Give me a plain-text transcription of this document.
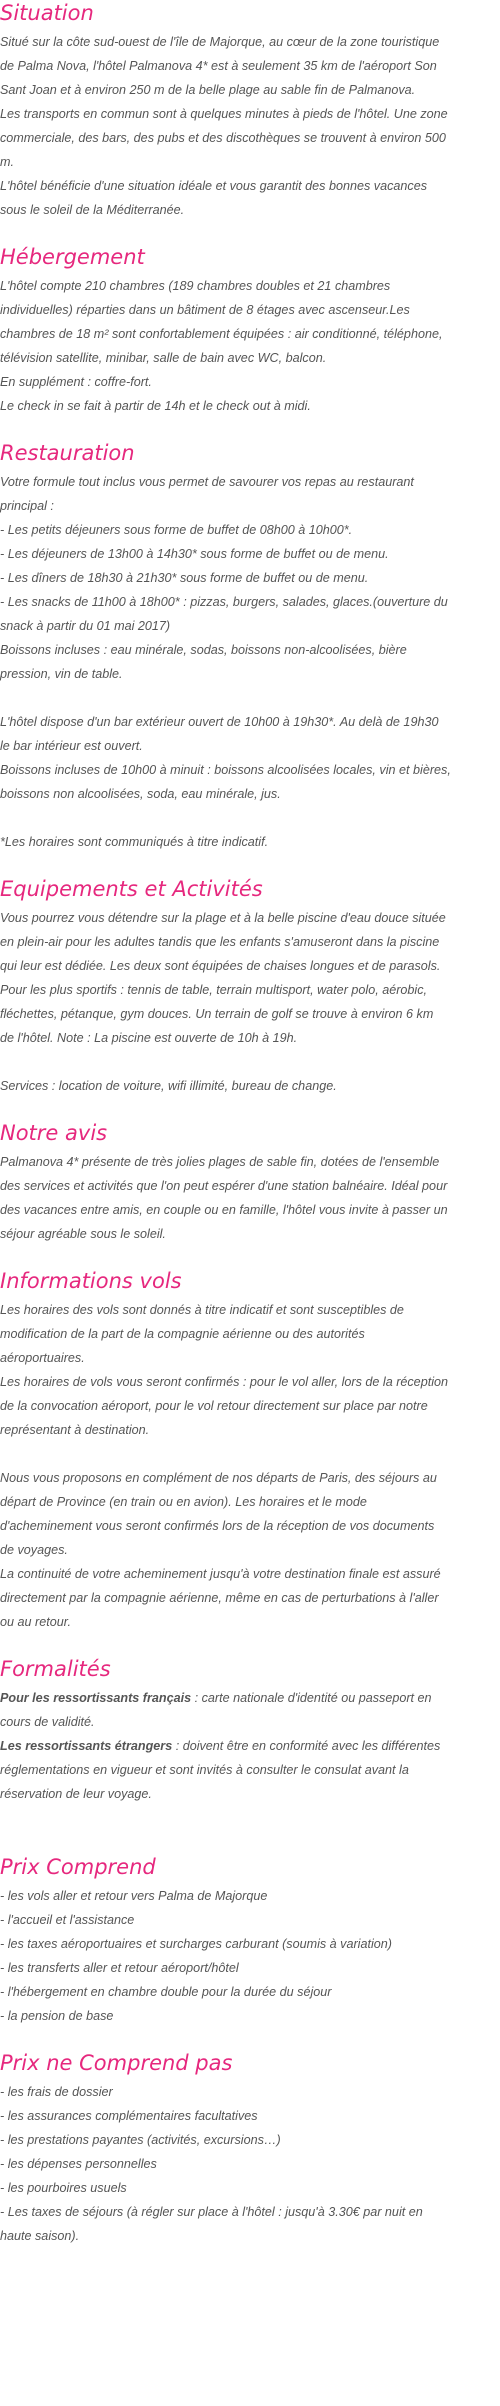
Situation

Situé sur la côte sud-ouest de l'île de Majorque, au cœur de la zone touristique

de Palma Nova, l'hôtel Palmanova 4* est à seulement 35 km de l'aéroport Son

Sant Joan et à environ 250 m de la belle plage au sable fin de Palmanova.

Les transports en commun sont à quelques minutes à pieds de l'hôtel. Une zone

commerciale, des bars, des pubs et des discothèques se trouvent à environ 500

m.

L'hôtel bénéficie d'une situation idéale et vous garantit des bonnes vacances

sous le soleil de la Méditerranée.

Hébergement

L'hôtel compte 210 chambres (189 chambres doubles et 21 chambres

individuelles) réparties dans un bâtiment de 8 étages avec ascenseur.Les

chambres de 18 m² sont confortablement équipées : air conditionné, téléphone,

télévision satellite, minibar, salle de bain avec WC, balcon.

En supplément : coffre-fort.

Le check in se fait à partir de 14h et le check out à midi.

Restauration

Votre formule tout inclus vous permet de savourer vos repas au restaurant

principal :

- Les petits déjeuners sous forme de buffet de 08h00 à 10h00*.

- Les déjeuners de 13h00 à 14h30* sous forme de buffet ou de menu.

- Les dîners de 18h30 à 21h30* sous forme de buffet ou de menu.

- Les snacks de 11h00 à 18h00* : pizzas, burgers, salades, glaces.(ouverture du

snack à partir du 01 mai 2017)

Boissons incluses : eau minérale, sodas, boissons non-alcoolisées, bière

pression, vin de table.

L'hôtel dispose d'un bar extérieur ouvert de 10h00 à 19h30*. Au delà de 19h30

le bar intérieur est ouvert.

Boissons incluses de 10h00 à minuit : boissons alcoolisées locales, vin et bières,

boissons non alcoolisées, soda, eau minérale, jus.

*Les horaires sont communiqués à titre indicatif.

Equipements et Activités

Vous pourrez vous détendre sur la plage et à la belle piscine d'eau douce située

en plein-air pour les adultes tandis que les enfants s'amuseront dans la piscine

qui leur est dédiée. Les deux sont équipées de chaises longues et de parasols.

Pour les plus sportifs : tennis de table, terrain multisport, water polo, aérobic,

fléchettes, pétanque, gym douces. Un terrain de golf se trouve à environ 6 km

de l'hôtel. Note : La piscine est ouverte de 10h à 19h.

Services : location de voiture, wifi illimité, bureau de change.

Notre avis

Palmanova 4* présente de très jolies plages de sable fin, dotées de l'ensemble

des services et activités que l'on peut espérer d'une station balnéaire. Idéal pour

des vacances entre amis, en couple ou en famille, l'hôtel vous invite à passer un

séjour agréable sous le soleil.

Informations vols

Les horaires des vols sont donnés à titre indicatif et sont susceptibles de

modification de la part de la compagnie aérienne ou des autorités

aéroportuaires.

Les horaires de vols vous seront confirmés : pour le vol aller, lors de la réception

de la convocation aéroport, pour le vol retour directement sur place par notre

représentant à destination.

Nous vous proposons en complément de nos départs de Paris, des séjours au

départ de Province (en train ou en avion). Les horaires et le mode

d'acheminement vous seront confirmés lors de la réception de vos documents

de voyages.

La continuité de votre acheminement jusqu'à votre destination finale est assuré

directement par la compagnie aérienne, même en cas de perturbations à l'aller

ou au retour.

Formalités

Pour les ressortissants français : carte nationale d'identité ou passeport en

cours de validité.

Les ressortissants étrangers : doivent être en conformité avec les différentes

réglementations en vigueur et sont invités à consulter le consulat avant la

réservation de leur voyage.

Prix Comprend

- les vols aller et retour vers Palma de Majorque

- l'accueil et l'assistance

- les taxes aéroportuaires et surcharges carburant (soumis à variation)

- les transferts aller et retour aéroport/hôtel

- l'hébergement en chambre double pour la durée du séjour

- la pension de base

Prix ne Comprend pas

- les frais de dossier

- les assurances complémentaires facultatives

- les prestations payantes (activités, excursions…)

- les dépenses personnelles

- les pourboires usuels

- Les taxes de séjours (à régler sur place à l'hôtel : jusqu'à 3.30€ par nuit en

haute saison).
